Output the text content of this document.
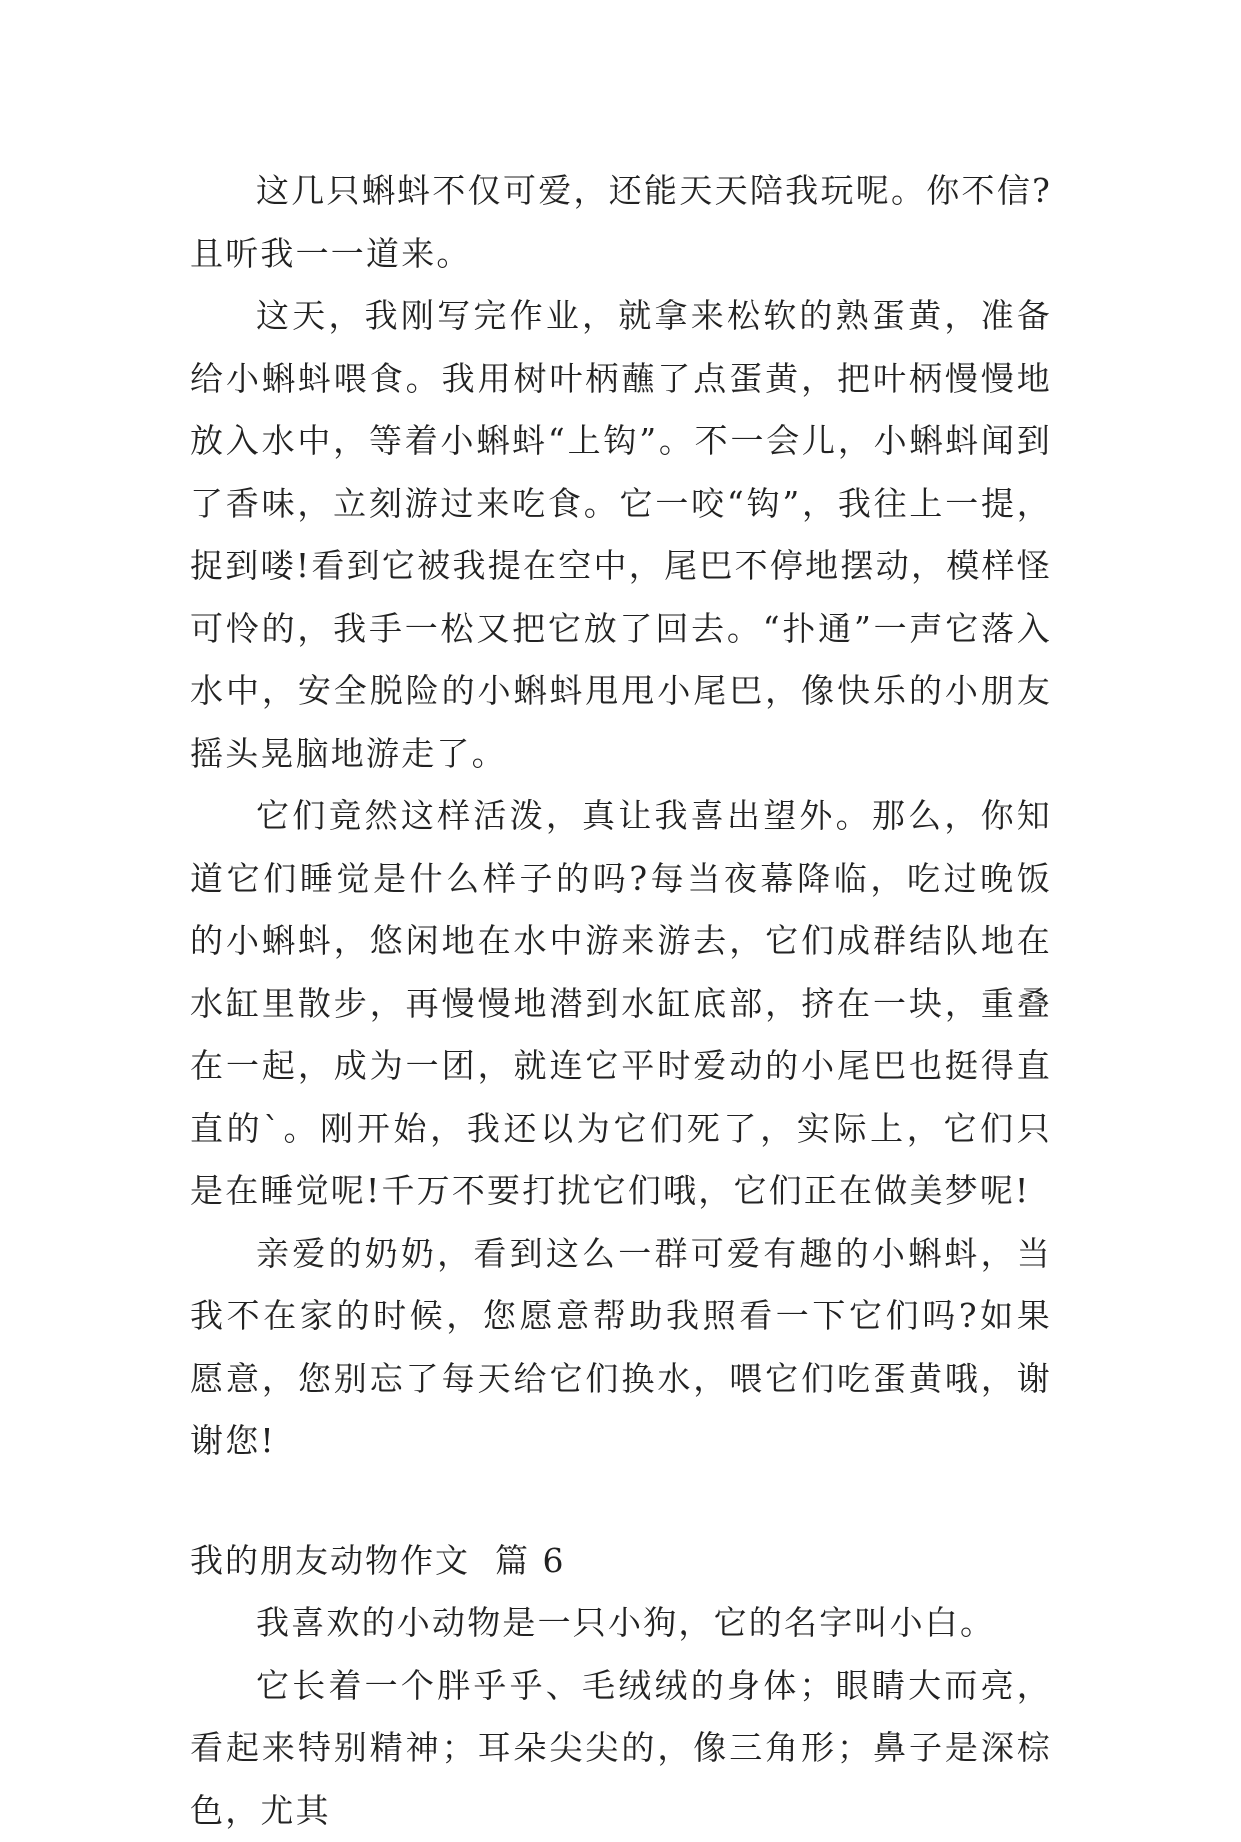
这几只蝌蚪不仅可爱，还能天天陪我玩呢。你不信?且听我一一道来。

这天，我刚写完作业，就拿来松软的熟蛋黄，准备给小蝌蚪喂食。我用树叶柄蘸了点蛋黄，把叶柄慢慢地放入水中，等着小蝌蚪“上钩”。不一会儿，小蝌蚪闻到了香味，立刻游过来吃食。它一咬“钩”，我往上一提，捉到喽!看到它被我提在空中，尾巴不停地摆动，模样怪可怜的，我手一松又把它放了回去。“扑通”一声它落入水中，安全脱险的小蝌蚪甩甩小尾巴，像快乐的小朋友摇头晃脑地游走了。

它们竟然这样活泼，真让我喜出望外。那么，你知道它们睡觉是什么样子的吗?每当夜幕降临，吃过晚饭的小蝌蚪，悠闲地在水中游来游去，它们成群结队地在水缸里散步，再慢慢地潜到水缸底部，挤在一块，重叠在一起，成为一团，就连它平时爱动的小尾巴也挺得直直的`。刚开始，我还以为它们死了，实际上，它们只是在睡觉呢!千万不要打扰它们哦，它们正在做美梦呢!

亲爱的奶奶，看到这么一群可爱有趣的小蝌蚪，当我不在家的时候，您愿意帮助我照看一下它们吗?如果愿意，您别忘了每天给它们换水，喂它们吃蛋黄哦，谢谢您!

我的朋友动物作文  篇 6

我喜欢的小动物是一只小狗，它的名字叫小白。

它长着一个胖乎乎、毛绒绒的身体；眼睛大而亮，看起来特别精神；耳朵尖尖的，像三角形；鼻子是深棕色，尤其
